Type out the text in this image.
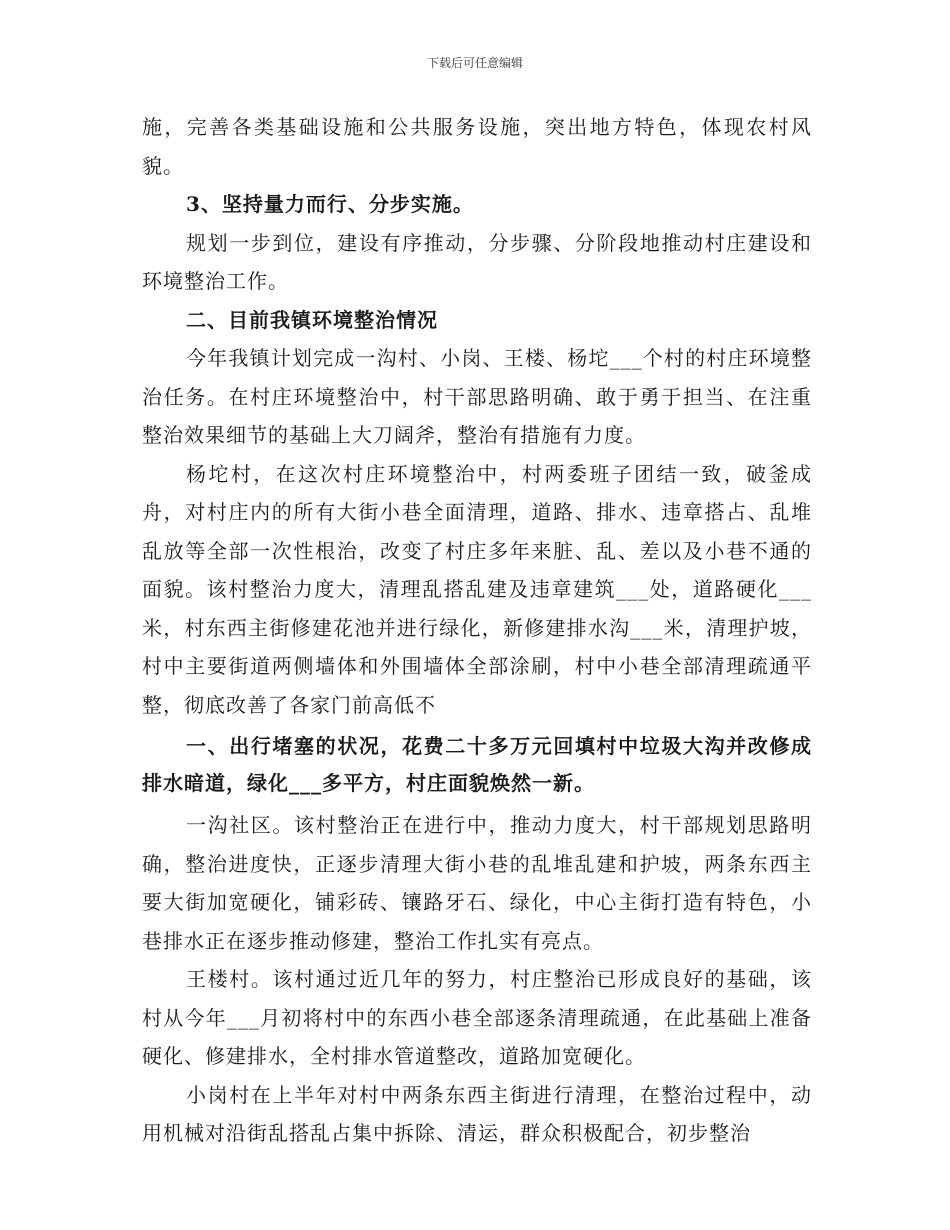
下载后可任意编辑

施，完善各类基础设施和公共服务设施，突出地方特色，体现农村风貌。

3、坚持量力而行、分步实施。

规划一步到位，建设有序推动，分步骤、分阶段地推动村庄建设和环境整治工作。

二、目前我镇环境整治情况

今年我镇计划完成一沟村、小岗、王楼、杨坨___个村的村庄环境整治任务。在村庄环境整治中，村干部思路明确、敢于勇于担当、在注重整治效果细节的基础上大刀阔斧，整治有措施有力度。

杨坨村，在这次村庄环境整治中，村两委班子团结一致，破釜成舟，对村庄内的所有大街小巷全面清理，道路、排水、违章搭占、乱堆乱放等全部一次性根治，改变了村庄多年来脏、乱、差以及小巷不通的面貌。该村整治力度大，清理乱搭乱建及违章建筑___处，道路硬化___米，村东西主街修建花池并进行绿化，新修建排水沟___米，清理护坡，村中主要街道两侧墙体和外围墙体全部涂刷，村中小巷全部清理疏通平整，彻底改善了各家门前高低不

一、出行堵塞的状况，花费二十多万元回填村中垃圾大沟并改修成排水暗道，绿化___多平方，村庄面貌焕然一新。

一沟社区。该村整治正在进行中，推动力度大，村干部规划思路明确，整治进度快，正逐步清理大街小巷的乱堆乱建和护坡，两条东西主要大街加宽硬化，铺彩砖、镶路牙石、绿化，中心主街打造有特色，小巷排水正在逐步推动修建，整治工作扎实有亮点。

王楼村。该村通过近几年的努力，村庄整治已形成良好的基础，该村从今年___月初将村中的东西小巷全部逐条清理疏通，在此基础上准备硬化、修建排水，全村排水管道整改，道路加宽硬化。

小岗村在上半年对村中两条东西主街进行清理，在整治过程中，动用机械对沿街乱搭乱占集中拆除、清运，群众积极配合，初步整治
